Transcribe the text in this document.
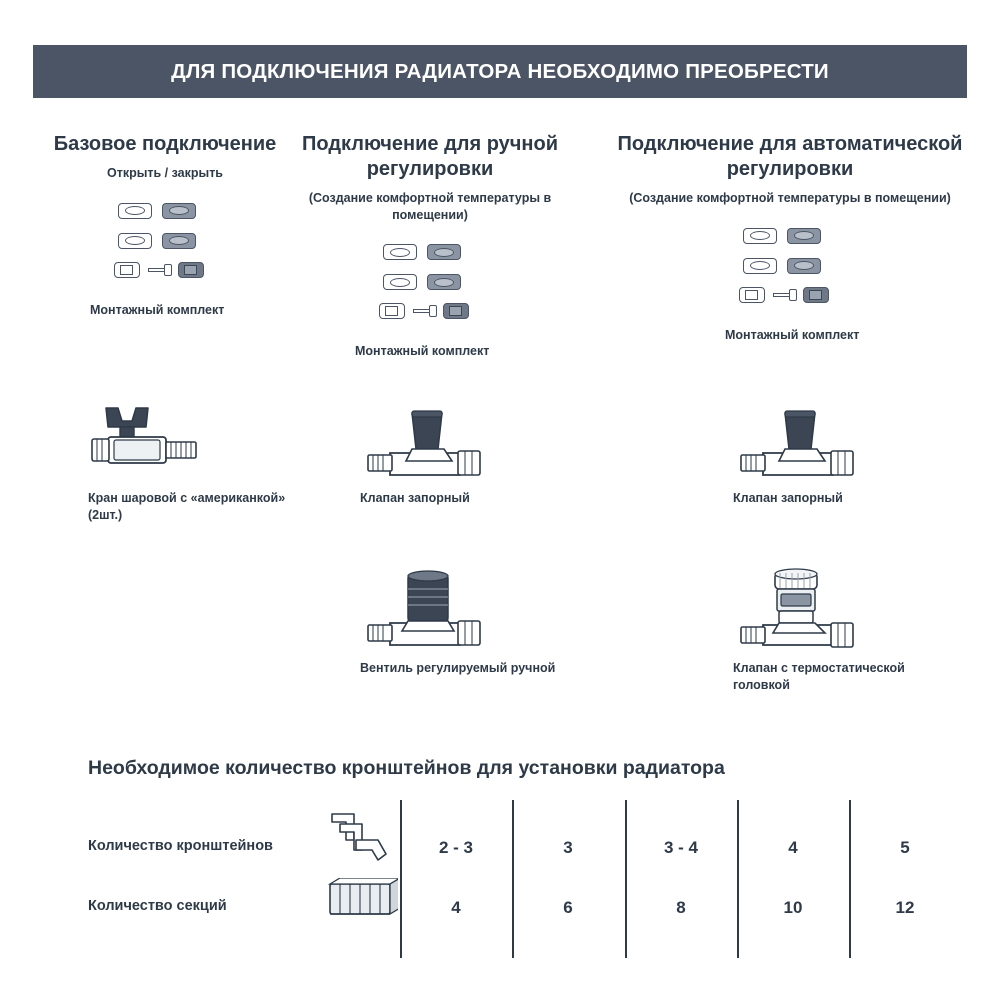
ДЛЯ ПОДКЛЮЧЕНИЯ РАДИАТОРА НЕОБХОДИМО ПРЕОБРЕСТИ
Базовое подключение
Открыть / закрыть
Монтажный комплект
Подключение для ручной регулировки
(Создание комфортной температуры в помещении)
Монтажный комплект
Подключение для автоматической регулировки
(Создание комфортной температуры в помещении)
Монтажный комплект
Кран шаровой с «американкой» (2шт.)
Клапан запорный
Вентиль регулируемый ручной
Клапан запорный
Клапан с термостатической головкой
Необходимое количество кронштейнов для установки радиатора
Количество кронштейнов	2 - 3	3	3 - 4	4	5
Количество секций	4	6	8	10	12
